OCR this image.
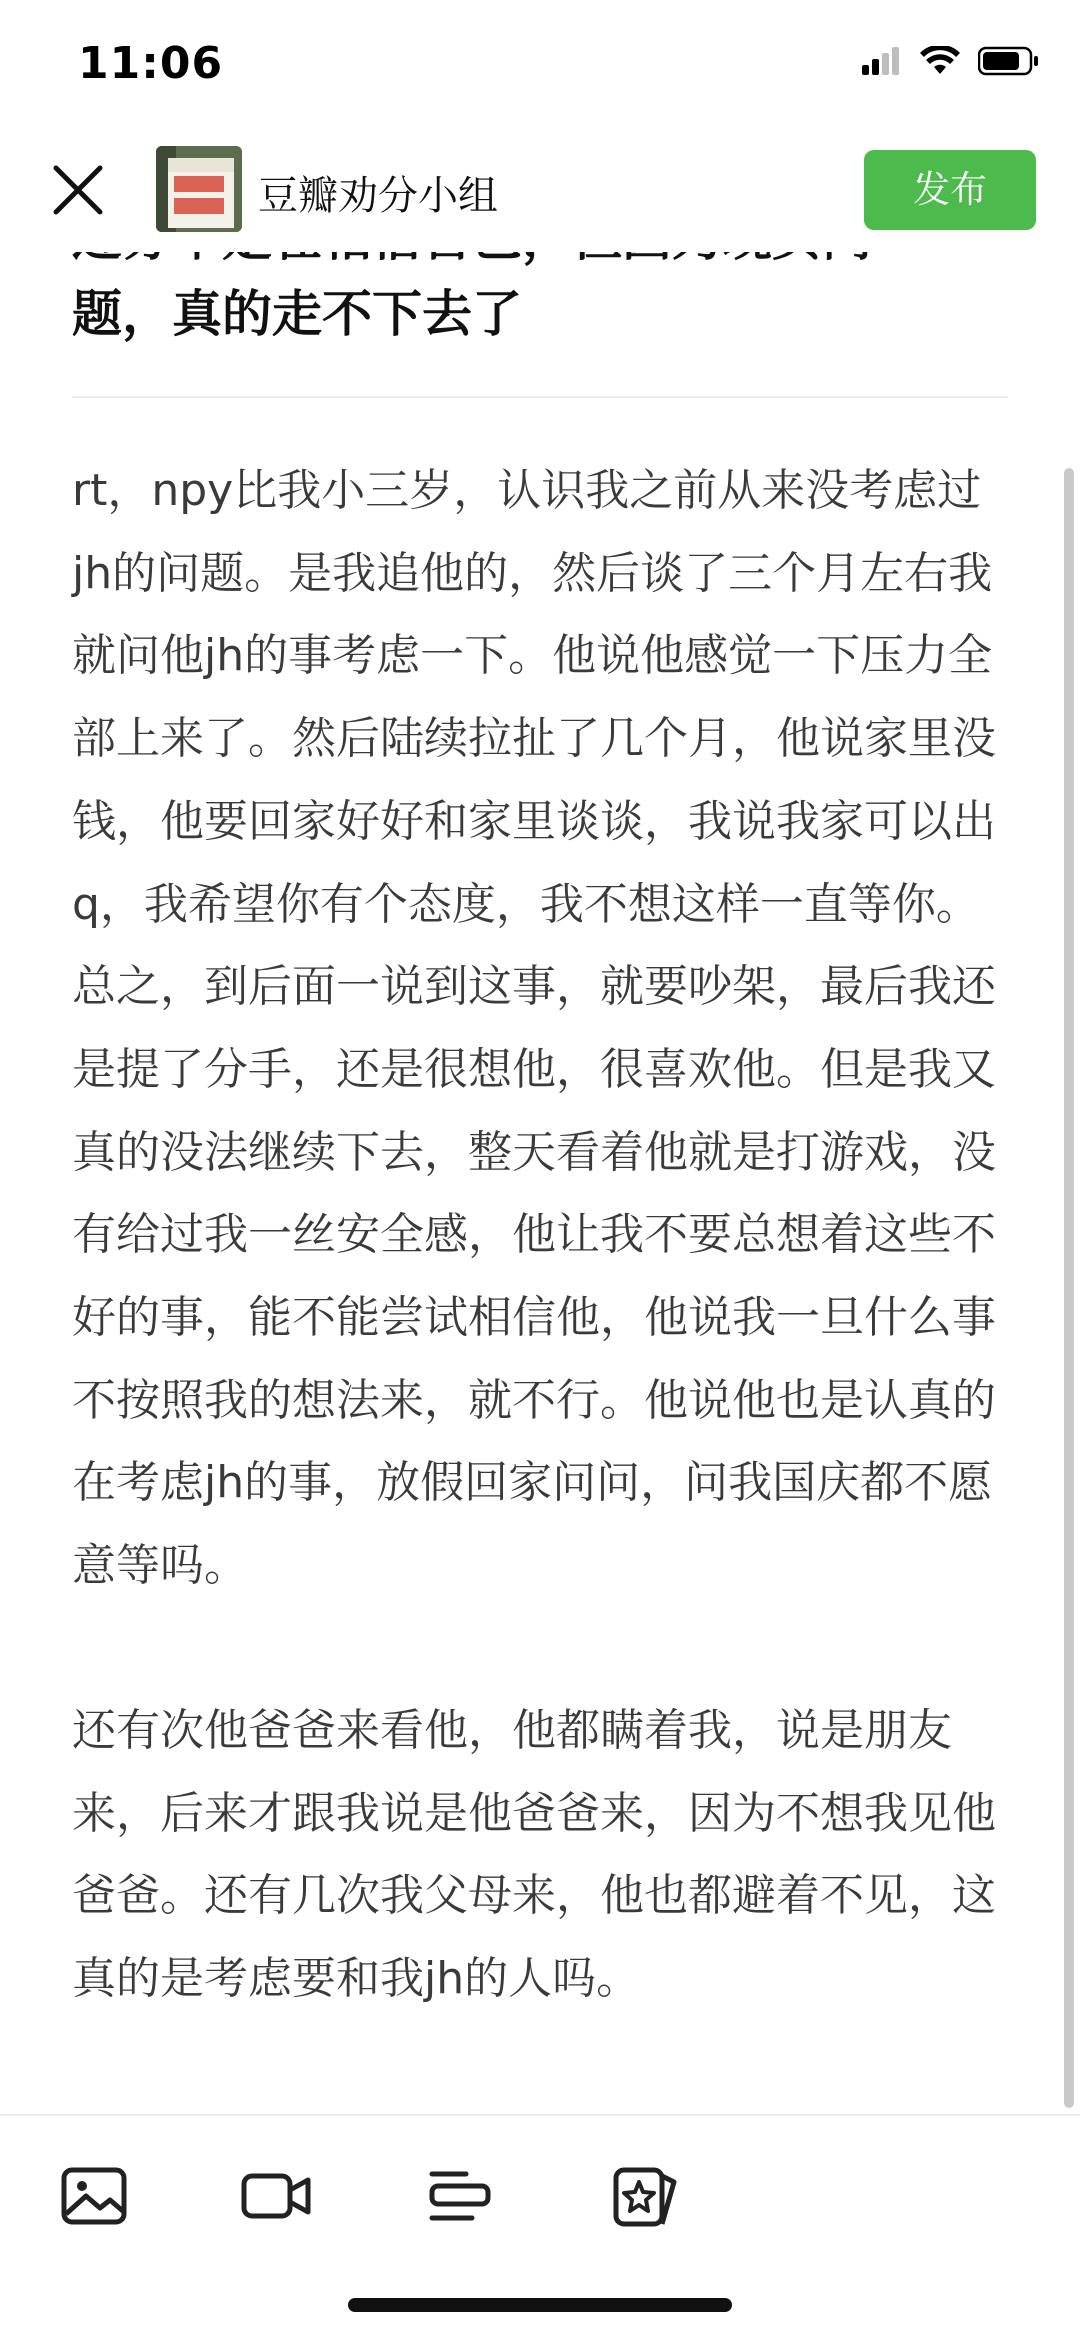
11:06
题，真的走不下去了

rt，npy比我小三岁，认识我之前从来没考虑过jh的问题。是我追他的，然后谈了三个月左右我就问他jh的事考虑一下。他说他感觉一下压力全部上来了。然后陆续拉扯了几个月，他说家里没钱，他要回家好好和家里谈谈，我说我家可以出q，我希望你有个态度，我不想这样一直等你。总之，到后面一说到这事，就要吵架，最后我还是提了分手，还是很想他，很喜欢他。但是我又真的没法继续下去，整天看着他就是打游戏，没有给过我一丝安全感，他让我不要总想着这些不好的事，能不能尝试相信他，他说我一旦什么事不按照我的想法来，就不行。他说他也是认真的在考虑jh的事，放假回家问问，问我国庆都不愿意等吗。

还有次他爸爸来看他，他都瞒着我，说是朋友来，后来才跟我说是他爸爸来，因为不想我见他爸爸。还有几次我父母来，他也都避着不见，这真的是考虑要和我jh的人吗。

豆瓣劝分小组	发布
